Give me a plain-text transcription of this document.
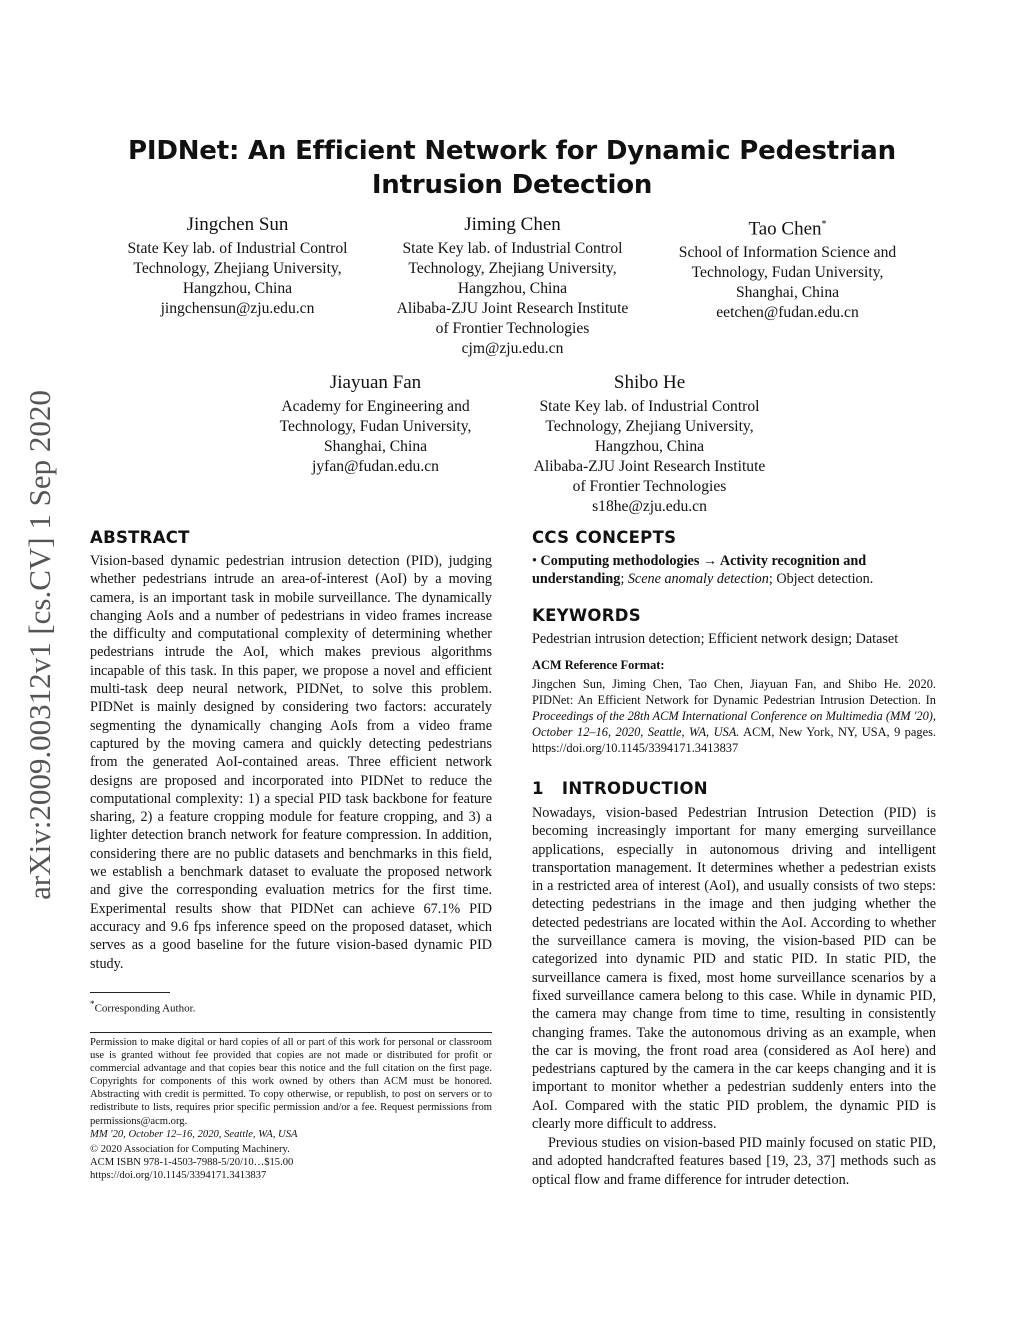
arXiv:2009.00312v1 [cs.CV] 1 Sep 2020
PIDNet: An Efficient Network for Dynamic Pedestrian Intrusion Detection
Jingchen Sun
State Key lab. of Industrial Control
Technology, Zhejiang University,
Hangzhou, China
jingchensun@zju.edu.cn
Jiming Chen
State Key lab. of Industrial Control
Technology, Zhejiang University,
Hangzhou, China
Alibaba-ZJU Joint Research Institute
of Frontier Technologies
cjm@zju.edu.cn
Tao Chen*
School of Information Science and
Technology, Fudan University,
Shanghai, China
eetchen@fudan.edu.cn
Jiayuan Fan
Academy for Engineering and
Technology, Fudan University,
Shanghai, China
jyfan@fudan.edu.cn
Shibo He
State Key lab. of Industrial Control
Technology, Zhejiang University,
Hangzhou, China
Alibaba-ZJU Joint Research Institute
of Frontier Technologies
s18he@zju.edu.cn
ABSTRACT
Vision-based dynamic pedestrian intrusion detection (PID), judging whether pedestrians intrude an area-of-interest (AoI) by a moving camera, is an important task in mobile surveillance. The dynamically changing AoIs and a number of pedestrians in video frames increase the difficulty and computational complexity of determining whether pedestrians intrude the AoI, which makes previous algorithms incapable of this task. In this paper, we propose a novel and efficient multi-task deep neural network, PIDNet, to solve this problem. PIDNet is mainly designed by considering two factors: accurately segmenting the dynamically changing AoIs from a video frame captured by the moving camera and quickly detecting pedestrians from the generated AoI-contained areas. Three efficient network designs are proposed and incorporated into PIDNet to reduce the computational complexity: 1) a special PID task backbone for feature sharing, 2) a feature cropping module for feature cropping, and 3) a lighter detection branch network for feature compression. In addition, considering there are no public datasets and benchmarks in this field, we establish a benchmark dataset to evaluate the proposed network and give the corresponding evaluation metrics for the first time. Experimental results show that PIDNet can achieve 67.1% PID accuracy and 9.6 fps inference speed on the proposed dataset, which serves as a good baseline for the future vision-based dynamic PID study.
*Corresponding Author.
Permission to make digital or hard copies of all or part of this work for personal or classroom use is granted without fee provided that copies are not made or distributed for profit or commercial advantage and that copies bear this notice and the full citation on the first page. Copyrights for components of this work owned by others than ACM must be honored. Abstracting with credit is permitted. To copy otherwise, or republish, to post on servers or to redistribute to lists, requires prior specific permission and/or a fee. Request permissions from permissions@acm.org.
MM '20, October 12–16, 2020, Seattle, WA, USA
© 2020 Association for Computing Machinery.
ACM ISBN 978-1-4503-7988-5/20/10…$15.00
https://doi.org/10.1145/3394171.3413837
CCS CONCEPTS
• Computing methodologies → Activity recognition and understanding; Scene anomaly detection; Object detection.
KEYWORDS
Pedestrian intrusion detection; Efficient network design; Dataset
ACM Reference Format:
Jingchen Sun, Jiming Chen, Tao Chen, Jiayuan Fan, and Shibo He. 2020. PIDNet: An Efficient Network for Dynamic Pedestrian Intrusion Detection. In Proceedings of the 28th ACM International Conference on Multimedia (MM '20), October 12–16, 2020, Seattle, WA, USA. ACM, New York, NY, USA, 9 pages. https://doi.org/10.1145/3394171.3413837
1   INTRODUCTION
Nowadays, vision-based Pedestrian Intrusion Detection (PID) is becoming increasingly important for many emerging surveillance applications, especially in autonomous driving and intelligent transportation management. It determines whether a pedestrian exists in a restricted area of interest (AoI), and usually consists of two steps: detecting pedestrians in the image and then judging whether the detected pedestrians are located within the AoI. According to whether the surveillance camera is moving, the vision-based PID can be categorized into dynamic PID and static PID. In static PID, the surveillance camera is fixed, most home surveillance scenarios by a fixed surveillance camera belong to this case. While in dynamic PID, the camera may change from time to time, resulting in consistently changing frames. Take the autonomous driving as an example, when the car is moving, the front road area (considered as AoI here) and pedestrians captured by the camera in the car keeps changing and it is important to monitor whether a pedestrian suddenly enters into the AoI. Compared with the static PID problem, the dynamic PID is clearly more difficult to address.
Previous studies on vision-based PID mainly focused on static PID, and adopted handcrafted features based [19, 23, 37] methods such as optical flow and frame difference for intruder detection.
